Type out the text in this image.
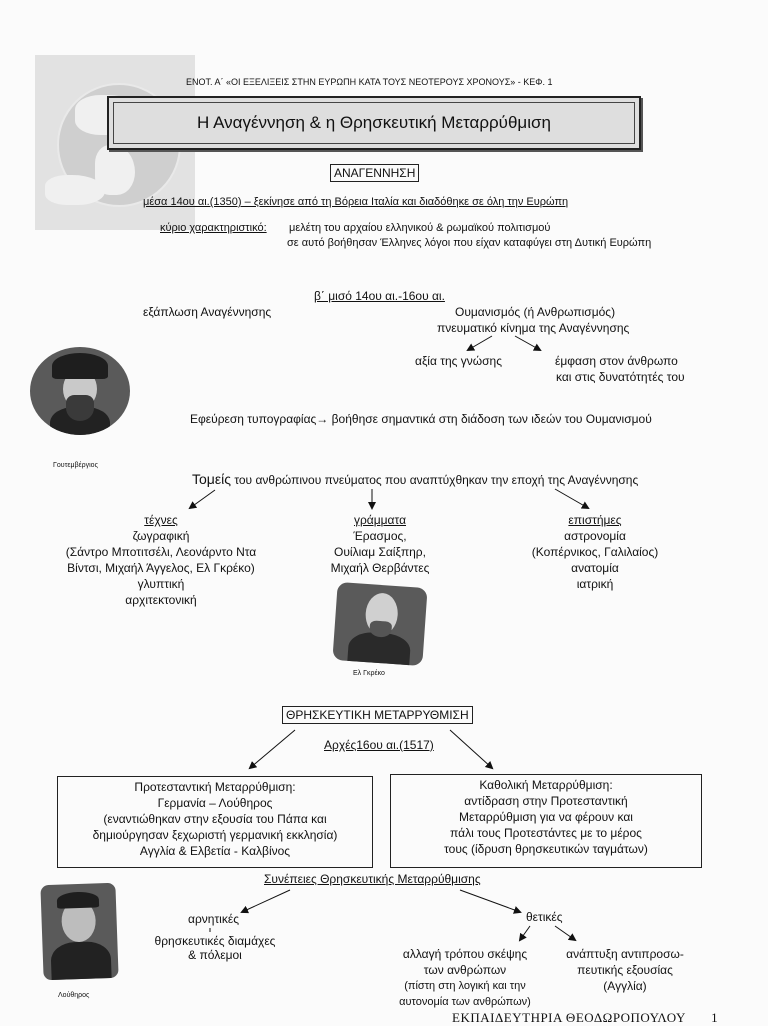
ΕΝΟΤ. Α΄ «ΟΙ ΕΞΕΛΙΞΕΙΣ ΣΤΗΝ ΕΥΡΩΠΗ ΚΑΤΑ ΤΟΥΣ ΝΕΟΤΕΡΟΥΣ ΧΡΟΝΟΥΣ» - ΚΕΦ. 1
Η Αναγέννηση & η Θρησκευτική Μεταρρύθμιση
ΑΝΑΓΕΝΝΗΣΗ
μέσα 14ου αι.(1350) – ξεκίνησε από τη Βόρεια Ιταλία και διαδόθηκε σε όλη την Ευρώπη
κύριο χαρακτηριστικό: μελέτη του αρχαίου ελληνικού & ρωμαϊκού πολιτισμού
σε αυτό βοήθησαν Έλληνες λόγοι που είχαν καταφύγει στη Δυτική Ευρώπη
β΄ μισό 14ου αι.-16ου αι.
εξάπλωση Αναγέννησης	Ουμανισμός (ή Ανθρωπισμός)
πνευματικό κίνημα της Αναγέννησης
αξία της γνώσης	έμφαση στον άνθρωπο
και στις δυνατότητές του
Γουτεμβέργιος
Εφεύρεση τυπογραφίας→ βοήθησε σημαντικά στη διάδοση των ιδεών του Ουμανισμού
Τομείς του ανθρώπινου πνεύματος που αναπτύχθηκαν την εποχή της Αναγέννησης
τέχνες
ζωγραφική
(Σάντρο Μποτιτσέλι, Λεονάρντο Ντα
Βίντσι, Μιχαήλ Άγγελος, Ελ Γκρέκο)
γλυπτική
αρχιτεκτονική
γράμματα
Έρασμος,
Ουίλιαμ Σαίξπηρ,
Μιχαήλ Θερβάντες
επιστήμες
αστρονομία
(Κοπέρνικος, Γαλιλαίος)
ανατομία
ιατρική
Ελ Γκρέκο
ΘΡΗΣΚΕΥΤΙΚΗ ΜΕΤΑΡΡΥΘΜΙΣΗ
Αρχές16ου αι.(1517)
Προτεσταντική Μεταρρύθμιση:
Γερμανία – Λούθηρος
(εναντιώθηκαν στην εξουσία του Πάπα και
δημιούργησαν ξεχωριστή γερμανική εκκλησία)
Αγγλία & Ελβετία - Καλβίνος
Καθολική Μεταρρύθμιση:
αντίδραση στην Προτεσταντική
Μεταρρύθμιση για να φέρουν και
πάλι τους Προτεστάντες με το μέρος
τους (ίδρυση θρησκευτικών ταγμάτων)
Συνέπειες Θρησκευτικής Μεταρρύθμισης
αρνητικές
θρησκευτικές διαμάχες
& πόλεμοι
θετικές
αλλαγή τρόπου σκέψης
των ανθρώπων
(πίστη στη λογική και την
αυτονομία των ανθρώπων)
ανάπτυξη αντιπροσω-
πευτικής εξουσίας
(Αγγλία)
Λούθηρος
ΕΚΠΑΙΔΕΥΤΗΡΙΑ ΘΕΟΔΩΡΟΠΟΥΛΟΥ 1
